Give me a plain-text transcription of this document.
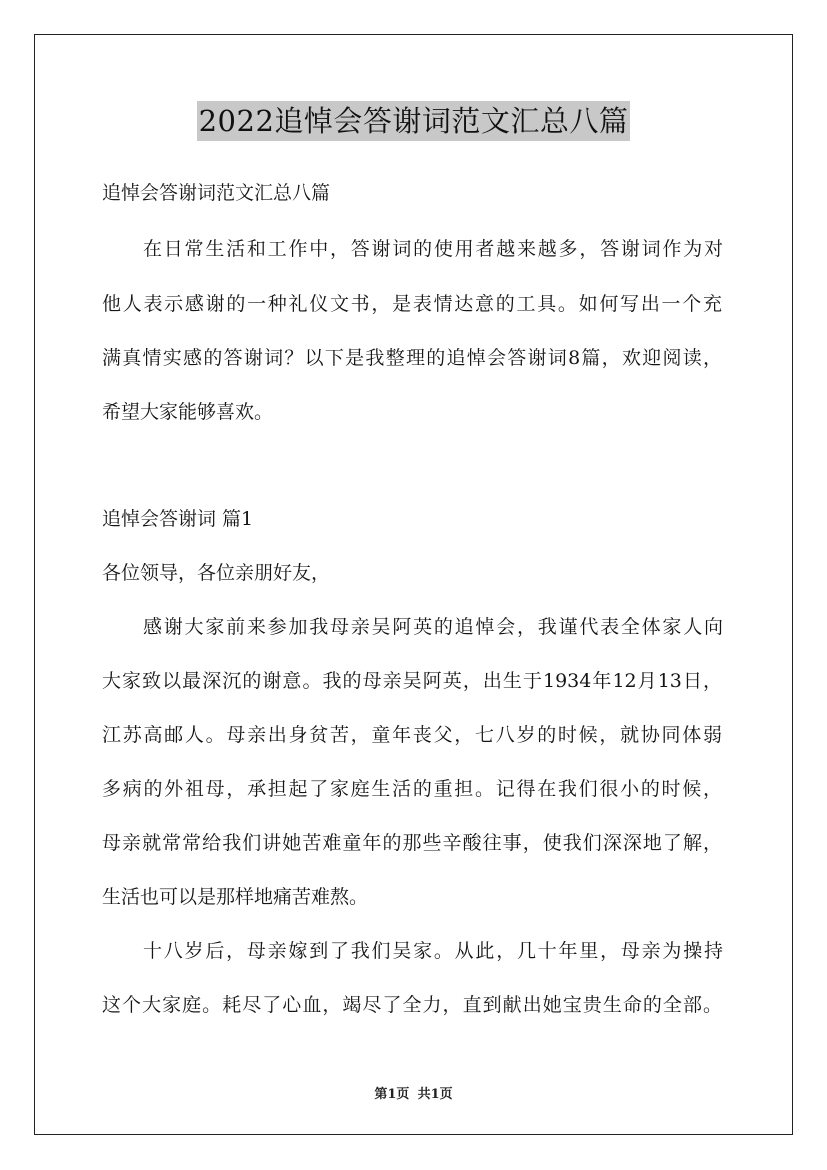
2022追悼会答谢词范文汇总八篇
追悼会答谢词范文汇总八篇
在日常生活和工作中，答谢词的使用者越来越多，答谢词作为对
他人表示感谢的一种礼仪文书，是表情达意的工具。如何写出一个充
满真情实感的答谢词？以下是我整理的追悼会答谢词8篇，欢迎阅读，
希望大家能够喜欢。
追悼会答谢词 篇1
各位领导，各位亲朋好友，
感谢大家前来参加我母亲吴阿英的追悼会，我谨代表全体家人向
大家致以最深沉的谢意。我的母亲吴阿英，出生于1934年12月13日，
江苏高邮人。母亲出身贫苦，童年丧父，七八岁的时候，就协同体弱
多病的外祖母，承担起了家庭生活的重担。记得在我们很小的时候，
母亲就常常给我们讲她苦难童年的那些辛酸往事，使我们深深地了解，
生活也可以是那样地痛苦难熬。
十八岁后，母亲嫁到了我们吴家。从此，几十年里，母亲为操持
这个大家庭。耗尽了心血，竭尽了全力，直到献出她宝贵生命的全部。
第1页 共1页
